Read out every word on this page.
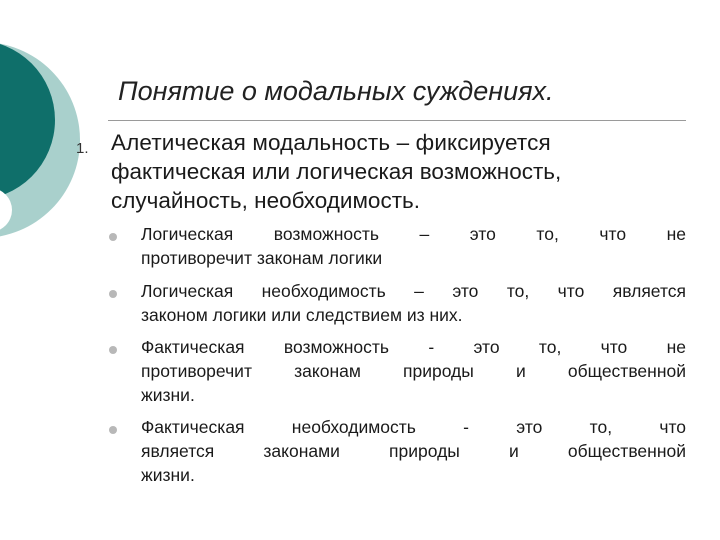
Понятие о модальных суждениях.
1. Алетическая модальность – фиксируется
фактическая или логическая возможность,
случайность, необходимость.
Логическая возможность – это то, что не
противоречит законам логики
Логическая необходимость – это то, что является
законом логики или следствием из них.
Фактическая возможность - это то, что не
противоречит законам природы и общественной
жизни.
Фактическая необходимость - это то, что
является законами природы и общественной
жизни.
